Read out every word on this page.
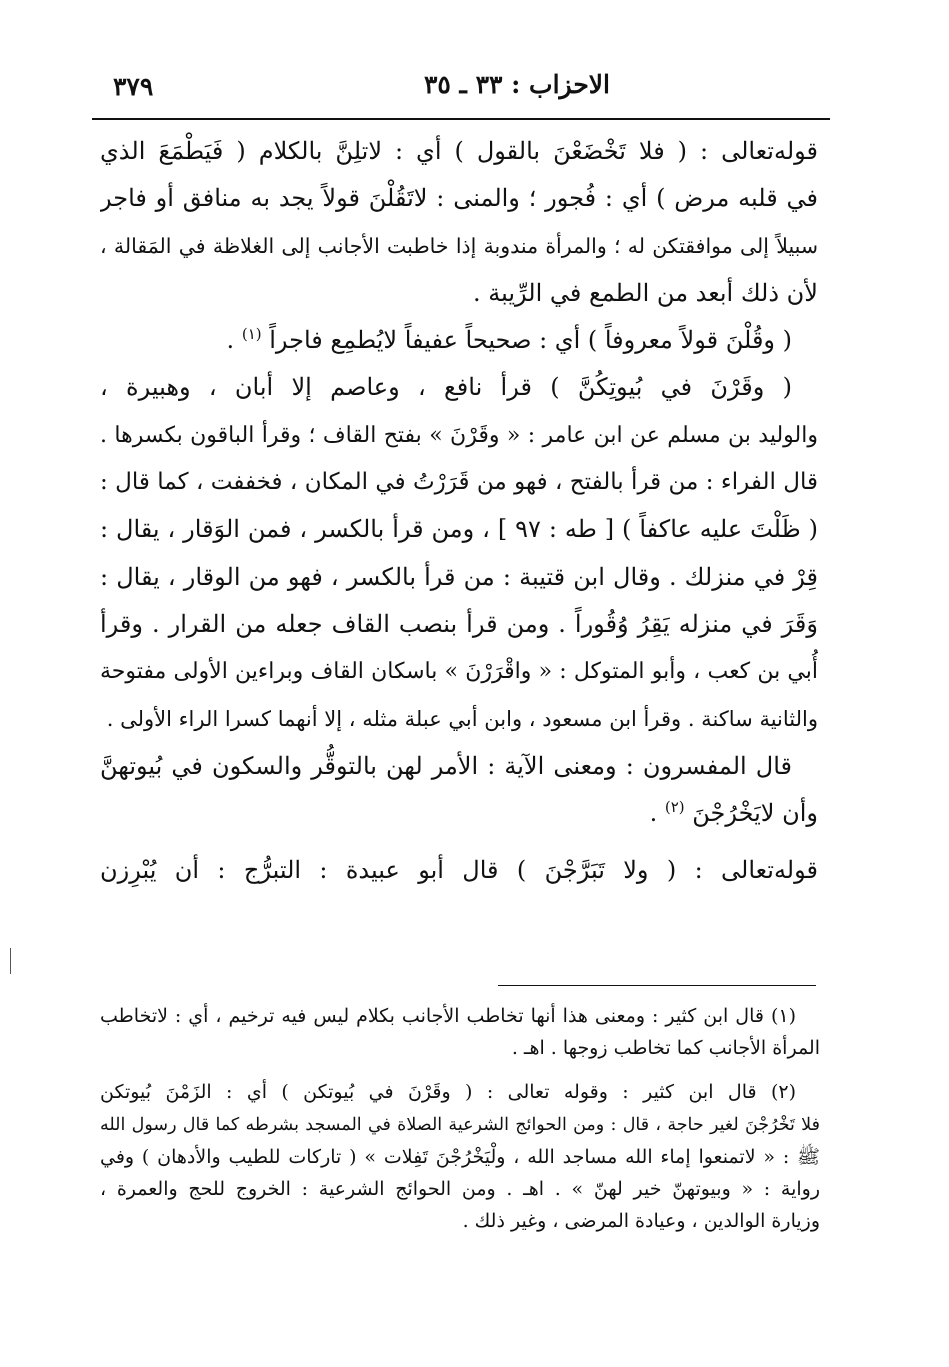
الاحزاب : ٣٣ ـ ٣٥
٣٧٩
قوله‌تعالى : ( فلا تَخْضَعْنَ بالقول ) أي : لاتلِنَّ بالكلام ( فَيَطْمَعَ الذي
في قلبه مرض ) أي : فُجور ؛ والمنى : لاتَقُلْنَ قولاً يجد به منافق أو فاجر
سبيلاً إلى موافقتكن له ؛ والمرأة مندوبة إذا خاطبت الأجانب إلى الغلاظة في المَقالة ،
لأن ذلك أبعد من الطمع في الرِّيبة .
( وقُلْنَ قولاً معروفاً ) أي : صحيحاً عفيفاً لايُطمِع فاجراً $^{(١)}$ .
( وقَرْنَ في بُيوتِكُنَّ ) قرأ نافع ، وعاصم إلا أبان ، وهبيرة ،
والوليد بن مسلم عن ابن عامر : « وقَرْنَ » بفتح القاف ؛ وقرأ الباقون بكسرها .
قال الفراء : من قرأ بالفتح ، فهو من قَرَرْتُ في المكان ، فخففت ، كما قال :
( ظَلْتَ عليه عاكفاً ) [ طه : ٩٧ ] ، ومن قرأ بالكسر ، فمن الوَقار ، يقال :
قِرْ في منزلك . وقال ابن قتيبة : من قرأ بالكسر ، فهو من الوقار ، يقال :
وَقَرَ في منزله يَقِرُ وُقُوراً . ومن قرأ بنصب القاف جعله من القرار . وقرأ
أُبي بن كعب ، وأبو المتوكل : « واقْرَرْنَ » باسكان القاف وبراءين الأولى مفتوحة
والثانية ساكنة . وقرأ ابن مسعود ، وابن أبي عبلة مثله ، إلا أنهما كسرا الراء الأولى .
قال المفسرون : ومعنى الآية : الأمر لهن بالتوقُّر والسكون في بُيوتهنَّ
وأن لايَخْرُجْنَ $^{(٢)}$ .
قوله‌تعالى : ( ولا تَبَرَّجْنَ ) قال أبو عبيدة : التبرُّج : أن يُبْرِزن
(١) قال ابن كثير : ومعنى هذا أنها تخاطب الأجانب بكلام ليس فيه ترخيم ، أي : لاتخاطب
المرأة الأجانب كما تخاطب زوجها . اهـ .
(٢) قال ابن كثير : وقوله تعالى : ( وقَرْنَ في بُيوتكن ) أي : الزَمْنَ بُيوتكن
فلا تَخْرُجْنَ لغير حاجة ، قال : ومن الحوائج الشرعية الصلاة في المسجد بشرطه كما قال رسول الله
ﷺ : « لاتمنعوا إماء الله مساجد الله ، ولْيَخْرُجْنَ تَفِلات » ( تاركات للطيب والأدهان ) وفي
رواية : « وبيوتهنّ خير لهنّ » . اهـ . ومن الحوائج الشرعية : الخروج للحج والعمرة ،
وزيارة الوالدين ، وعيادة المرضى ، وغير ذلك .
